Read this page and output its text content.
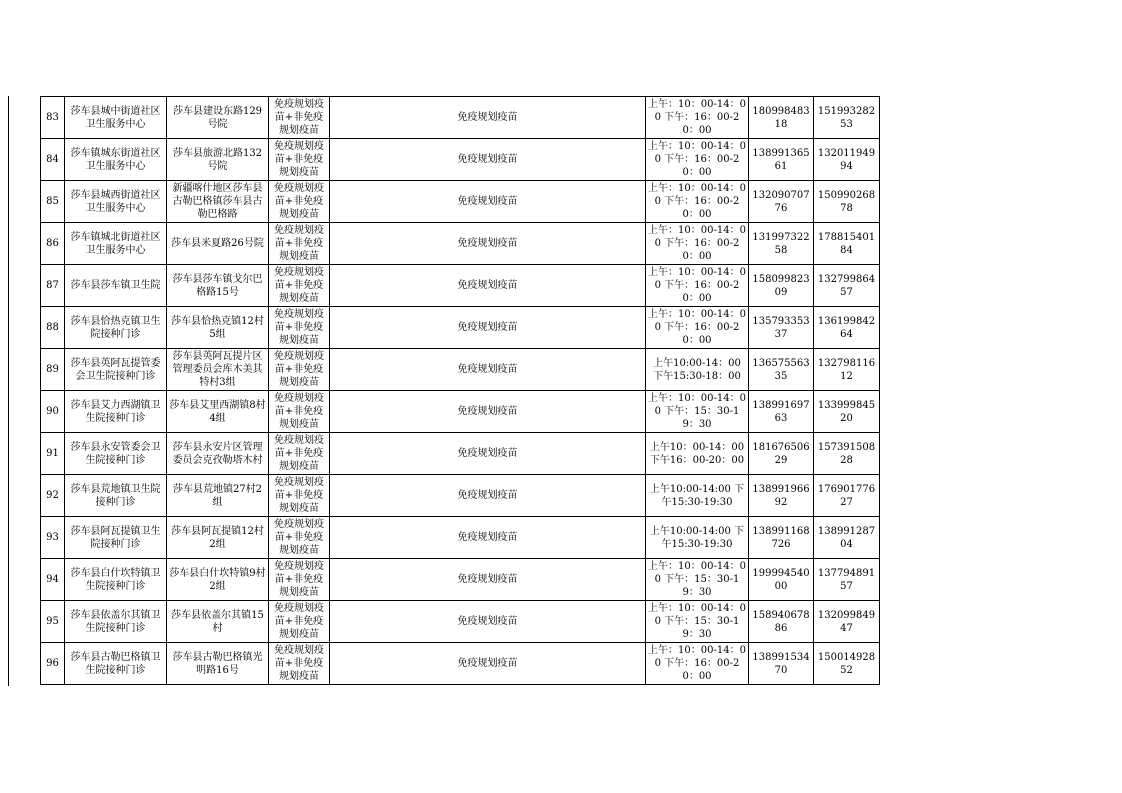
83	莎车县城中街道社区卫生服务中心	莎车县建设东路129号院	免疫规划疫苗+非免疫规划疫苗	免疫规划疫苗	上午：10：00-14：00 下午：16：00-20：00	18099848318	15199328253
84	莎车镇城东街道社区卫生服务中心	莎车县旅游北路132号院	免疫规划疫苗+非免疫规划疫苗	免疫规划疫苗	上午：10：00-14：00 下午：16：00-20：00	13899136561	13201194994
85	莎车县城西街道社区卫生服务中心	新疆喀什地区莎车县古勒巴格镇莎车县古勒巴格路	免疫规划疫苗+非免疫规划疫苗	免疫规划疫苗	上午：10：00-14：00 下午：16：00-20：00	13209070776	15099026878
86	莎车镇城北街道社区卫生服务中心	莎车县米夏路26号院	免疫规划疫苗+非免疫规划疫苗	免疫规划疫苗	上午：10：00-14：00 下午：16：00-20：00	13199732258	17881540184
87	莎车县莎车镇卫生院	莎车县莎车镇戈尔巴格路15号	免疫规划疫苗+非免疫规划疫苗	免疫规划疫苗	上午：10：00-14：00 下午：16：00-20：00	15809982309	13279986457
88	莎车县恰热克镇卫生院接种门诊	莎车县恰热克镇12村5组	免疫规划疫苗+非免疫规划疫苗	免疫规划疫苗	上午：10：00-14：00 下午：16：00-20：00	13579335337	13619984264
89	莎车县英阿瓦提管委会卫生院接种门诊	莎车县英阿瓦提片区管理委员会库木美其特村3组	免疫规划疫苗+非免疫规划疫苗	免疫规划疫苗	上午10:00-14：00 下午15:30-18：00	13657556335	13279811612
90	莎车县艾力西湖镇卫生院接种门诊	莎车县艾里西湖镇8村4组	免疫规划疫苗+非免疫规划疫苗	免疫规划疫苗	上午：10：00-14：00 下午：15：30-19：30	13899169763	13399984520
91	莎车县永安管委会卫生院接种门诊	莎车县永安片区管理委员会克孜勒塔木村	免疫规划疫苗+非免疫规划疫苗	免疫规划疫苗	上午10：00-14：00 下午16：00-20：00	18167650629	15739150828
92	莎车县荒地镇卫生院接种门诊	莎车县荒地镇27村2组	免疫规划疫苗+非免疫规划疫苗	免疫规划疫苗	上午10:00-14:00 下午15:30-19:30	13899196692	17690177627
93	莎车县阿瓦提镇卫生院接种门诊	莎车县阿瓦提镇12村2组	免疫规划疫苗+非免疫规划疫苗	免疫规划疫苗	上午10:00-14:00 下午15:30-19:30	13899116872​6	13899128704
94	莎车县白什坎特镇卫生院接种门诊	莎车县白什坎特镇9村2组	免疫规划疫苗+非免疫规划疫苗	免疫规划疫苗	上午：10：00-14：00 下午：15：30-19：30	19999454000	13779489157
95	莎车县依盖尔其镇卫生院接种门诊	莎车县依盖尔其镇15村	免疫规划疫苗+非免疫规划疫苗	免疫规划疫苗	上午：10：00-14：00 下午：15：30-19：30	15894067886	13209984947
96	莎车县古勒巴格镇卫生院接种门诊	莎车县古勒巴格镇光明路16号	免疫规划疫苗+非免疫规划疫苗	免疫规划疫苗	上午：10：00-14：00 下午：16：00-20：00	13899153470	15001492852
